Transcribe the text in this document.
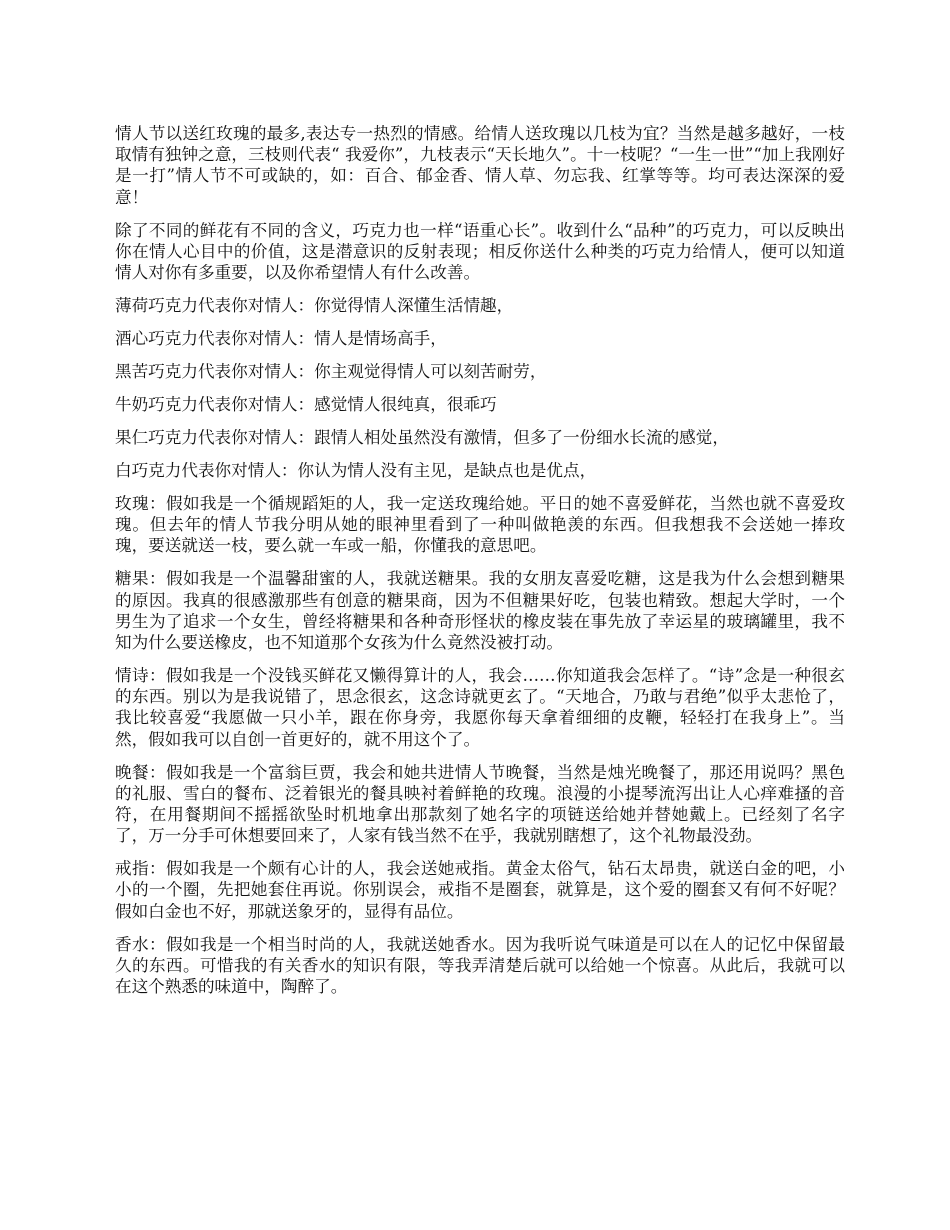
情人节以送红玫瑰的最多,表达专一热烈的情感。给情人送玫瑰以几枝为宜？当然是越多越好，一枝取情有独钟之意，三枝则代表“ 我爱你”，九枝表示“天长地久”。十一枝呢？“一生一世”“加上我刚好是一打”情人节不可或缺的，如：百合、郁金香、情人草、勿忘我、红掌等等。均可表达深深的爱意！

除了不同的鲜花有不同的含义，巧克力也一样“语重心长”。收到什么“品种”的巧克力，可以反映出你在情人心目中的价值，这是潜意识的反射表现；相反你送什么种类的巧克力给情人，便可以知道情人对你有多重要，以及你希望情人有什么改善。

薄荷巧克力代表你对情人：你觉得情人深懂生活情趣，

酒心巧克力代表你对情人：情人是情场高手，

黑苦巧克力代表你对情人：你主观觉得情人可以刻苦耐劳，

牛奶巧克力代表你对情人：感觉情人很纯真，很乖巧

果仁巧克力代表你对情人：跟情人相处虽然没有激情，但多了一份细水长流的感觉，

白巧克力代表你对情人：你认为情人没有主见，是缺点也是优点，

玫瑰：假如我是一个循规蹈矩的人，我一定送玫瑰给她。平日的她不喜爱鲜花，当然也就不喜爱玫瑰。但去年的情人节我分明从她的眼神里看到了一种叫做艳羡的东西。但我想我不会送她一捧玫瑰，要送就送一枝，要么就一车或一船，你懂我的意思吧。

糖果：假如我是一个温馨甜蜜的人，我就送糖果。我的女朋友喜爱吃糖，这是我为什么会想到糖果的原因。我真的很感激那些有创意的糖果商，因为不但糖果好吃，包装也精致。想起大学时，一个男生为了追求一个女生，曾经将糖果和各种奇形怪状的橡皮装在事先放了幸运星的玻璃罐里，我不知为什么要送橡皮，也不知道那个女孩为什么竟然没被打动。

情诗：假如我是一个没钱买鲜花又懒得算计的人，我会……你知道我会怎样了。“诗”念是一种很玄的东西。别以为是我说错了，思念很玄，这念诗就更玄了。“天地合，乃敢与君绝”似乎太悲怆了，我比较喜爱“我愿做一只小羊，跟在你身旁，我愿你每天拿着细细的皮鞭，轻轻打在我身上”。当然，假如我可以自创一首更好的，就不用这个了。

晚餐：假如我是一个富翁巨贾，我会和她共进情人节晚餐，当然是烛光晚餐了，那还用说吗？黑色的礼服、雪白的餐布、泛着银光的餐具映衬着鲜艳的玫瑰。浪漫的小提琴流泻出让人心痒难搔的音符，在用餐期间不摇摇欲坠时机地拿出那款刻了她名字的项链送给她并替她戴上。已经刻了名字了，万一分手可休想要回来了，人家有钱当然不在乎，我就别瞎想了，这个礼物最没劲。

戒指：假如我是一个颇有心计的人，我会送她戒指。黄金太俗气，钻石太昂贵，就送白金的吧，小小的一个圈，先把她套住再说。你别误会，戒指不是圈套，就算是，这个爱的圈套又有何不好呢？假如白金也不好，那就送象牙的，显得有品位。

香水：假如我是一个相当时尚的人，我就送她香水。因为我听说气味道是可以在人的记忆中保留最久的东西。可惜我的有关香水的知识有限，等我弄清楚后就可以给她一个惊喜。从此后，我就可以在这个熟悉的味道中，陶醉了。
